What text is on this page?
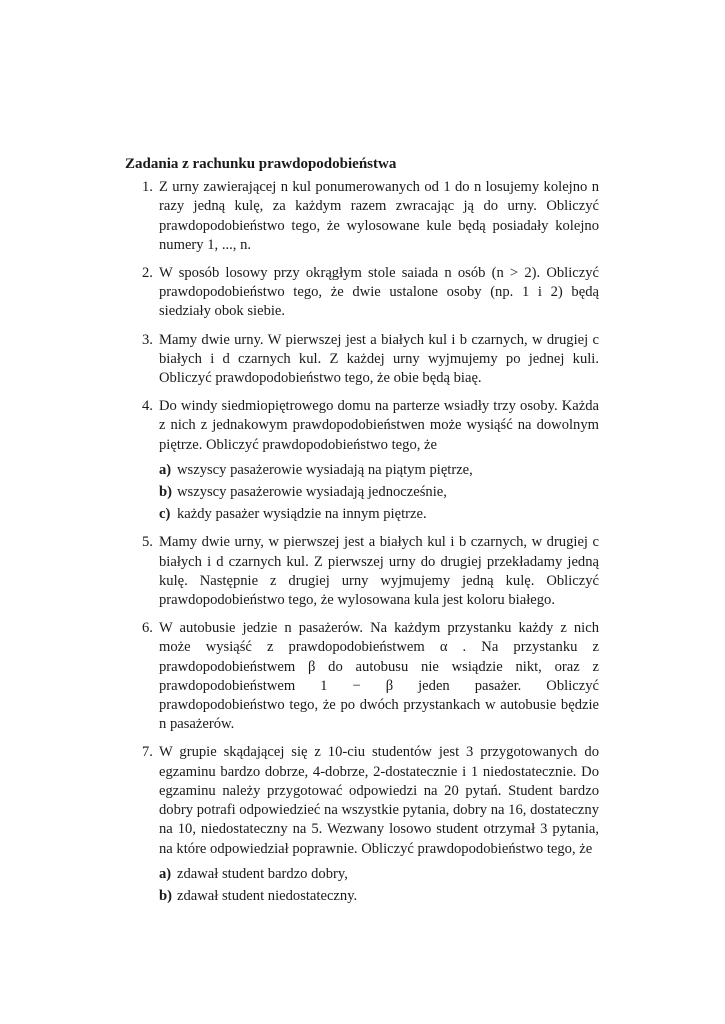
Zadania z rachunku prawdopodobieństwa
1. Z urny zawierającej n kul ponumerowanych od 1 do n losujemy kolejno n razy jedną kulę, za każdym razem zwracając ją do urny. Obliczyć prawdopodobieństwo tego, że wylosowane kule będą posiadały kolejno numery 1, ..., n.
2. W sposób losowy przy okrągłym stole saiada n osób (n > 2). Obliczyć prawdopodobieństwo tego, że dwie ustalone osoby (np. 1 i 2) będą siedziały obok siebie.
3. Mamy dwie urny. W pierwszej jest a białych kul i b czarnych, w drugiej c białych i d czarnych kul. Z każdej urny wyjmujemy po jednej kuli. Obliczyć prawdopodobieństwo tego, że obie będą biaę.
4. Do windy siedmiopiętrowego domu na parterze wsiadły trzy osoby. Każda z nich z jednakowym prawdopodobieństwen może wysiąść na dowolnym piętrze. Obliczyć prawdopodobieństwo tego, że
a) wszyscy pasażerowie wysiadają na piątym piętrze,
b) wszyscy pasażerowie wysiadają jednocześnie,
c) każdy pasażer wysiądzie na innym piętrze.
5. Mamy dwie urny, w pierwszej jest a białych kul i b czarnych, w drugiej c białych i d czarnych kul. Z pierwszej urny do drugiej przekładamy jedną kulę. Następnie z drugiej urny wyjmujemy jedną kulę. Obliczyć prawdopodobieństwo tego, że wylosowana kula jest koloru białego.
6. W autobusie jedzie n pasażerów. Na każdym przystanku każdy z nich może wysiąść z prawdopodobieństwem α . Na przystanku z prawdopodobieństwem β do autobusu nie wsiądzie nikt, oraz z prawdopodobieństwem 1 − β jeden pasażer. Obliczyć prawdopodobieństwo tego, że po dwóch przystankach w autobusie będzie n pasażerów.
7. W grupie skądającej się z 10-ciu studentów jest 3 przygotowanych do egzaminu bardzo dobrze, 4-dobrze, 2-dostatecznie i 1 niedostatecznie. Do egzaminu należy przygotować odpowiedzi na 20 pytań. Student bardzo dobry potrafi odpowiedzieć na wszystkie pytania, dobry na 16, dostateczny na 10, niedostateczny na 5. Wezwany losowo student otrzymał 3 pytania, na które odpowiedział poprawnie. Obliczyć prawdopodobieństwo tego, że
a) zdawał student bardzo dobry,
b) zdawał student niedostateczny.
